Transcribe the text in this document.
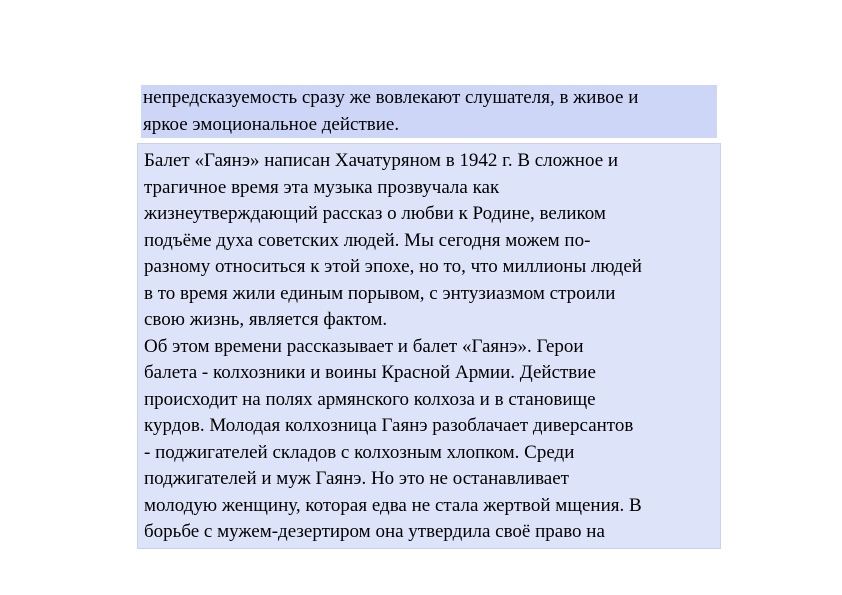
непредсказуемость сразу же вовлекают слушателя, в живое и
яркое эмоциональное действие.
Балет «Гаянэ» написан Хачатуряном в 1942 г. В сложное и
трагичное время эта музыка прозвучала как
жизнеутверждающий рассказ о любви к Родине, великом
подъёме духа советских людей. Мы сегодня можем по-
разному относиться к этой эпохе, но то, что миллионы людей
в то время жили единым порывом, с энтузиазмом строили
свою жизнь, является фактом.
Об этом времени рассказывает и балет «Гаянэ». Герои
балета - колхозники и воины Красной Армии. Действие
происходит на полях армянского колхоза и в становище
курдов. Молодая колхозница Гаянэ разоблачает диверсантов
- поджигателей складов с колхозным хлопком. Среди
поджигателей и муж Гаянэ. Но это не останавливает
молодую женщину, которая едва не стала жертвой мщения. В
борьбе с мужем-дезертиром она утвердила своё право на
